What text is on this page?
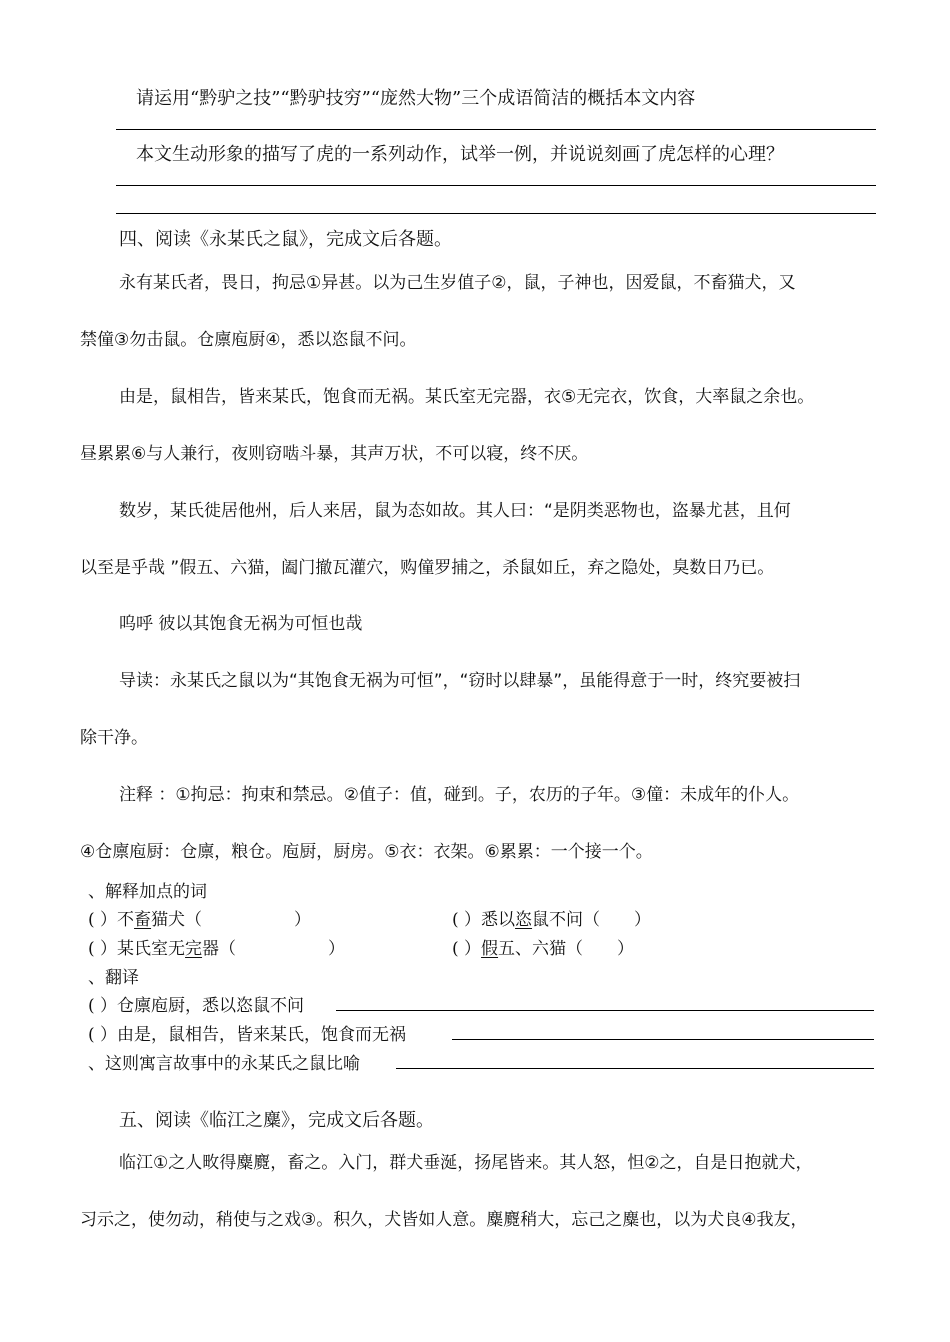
请运用“黔驴之技”“黔驴技穷”“庞然大物”三个成语简洁的概括本文内容
本文生动形象的描写了虎的一系列动作，试举一例，并说说刻画了虎怎样的心理？
四、阅读《永某氏之鼠》，完成文后各题。
永有某氏者，畏日，拘忌①异甚。以为己生岁值子②，鼠，子神也，因爱鼠，不畜猫犬，又
禁僮③勿击鼠。仓廪庖厨④，悉以恣鼠不问。
由是，鼠相告，皆来某氏，饱食而无祸。某氏室无完器，衣⑤无完衣，饮食，大率鼠之余也。
昼累累⑥与人兼行，夜则窃啮斗暴，其声万状，不可以寝，终不厌。
数岁，某氏徙居他州，后人来居，鼠为态如故。其人曰：“是阴类恶物也，盗暴尤甚，且何
以至是乎哉 ”假五、六猫，阖门撤瓦灌穴，购僮罗捕之，杀鼠如丘，弃之隐处，臭数日乃已。
呜呼 彼以其饱食无祸为可恒也哉
导读：永某氏之鼠以为“其饱食无祸为可恒”，“窃时以肆暴”，虽能得意于一时，终究要被扫
除干净。
注释 ：①拘忌：拘束和禁忌。②值子：值，碰到。子，农历的子年。③僮：未成年的仆人。
④仓廪庖厨：仓廪，粮仓。庖厨，厨房。⑤衣：衣架。⑥累累：一个接一个。
、解释加点的词
( ）不畜猫犬（	）	( ）悉以恣鼠不问（ ）
( ）某氏室无完器（	）	( ）假五、六猫（ ）
、翻译
( ）仓廪庖厨，悉以恣鼠不问
( ）由是，鼠相告，皆来某氏，饱食而无祸
、这则寓言故事中的永某氏之鼠比喻
五、阅读《临江之麋》，完成文后各题。
临江①之人畋得麋麑，畜之。入门，群犬垂涎，扬尾皆来。其人怒，怛②之，自是日抱就犬，
习示之，使勿动，稍使与之戏③。积久，犬皆如人意。麋麑稍大，忘己之麋也，以为犬良④我友，
